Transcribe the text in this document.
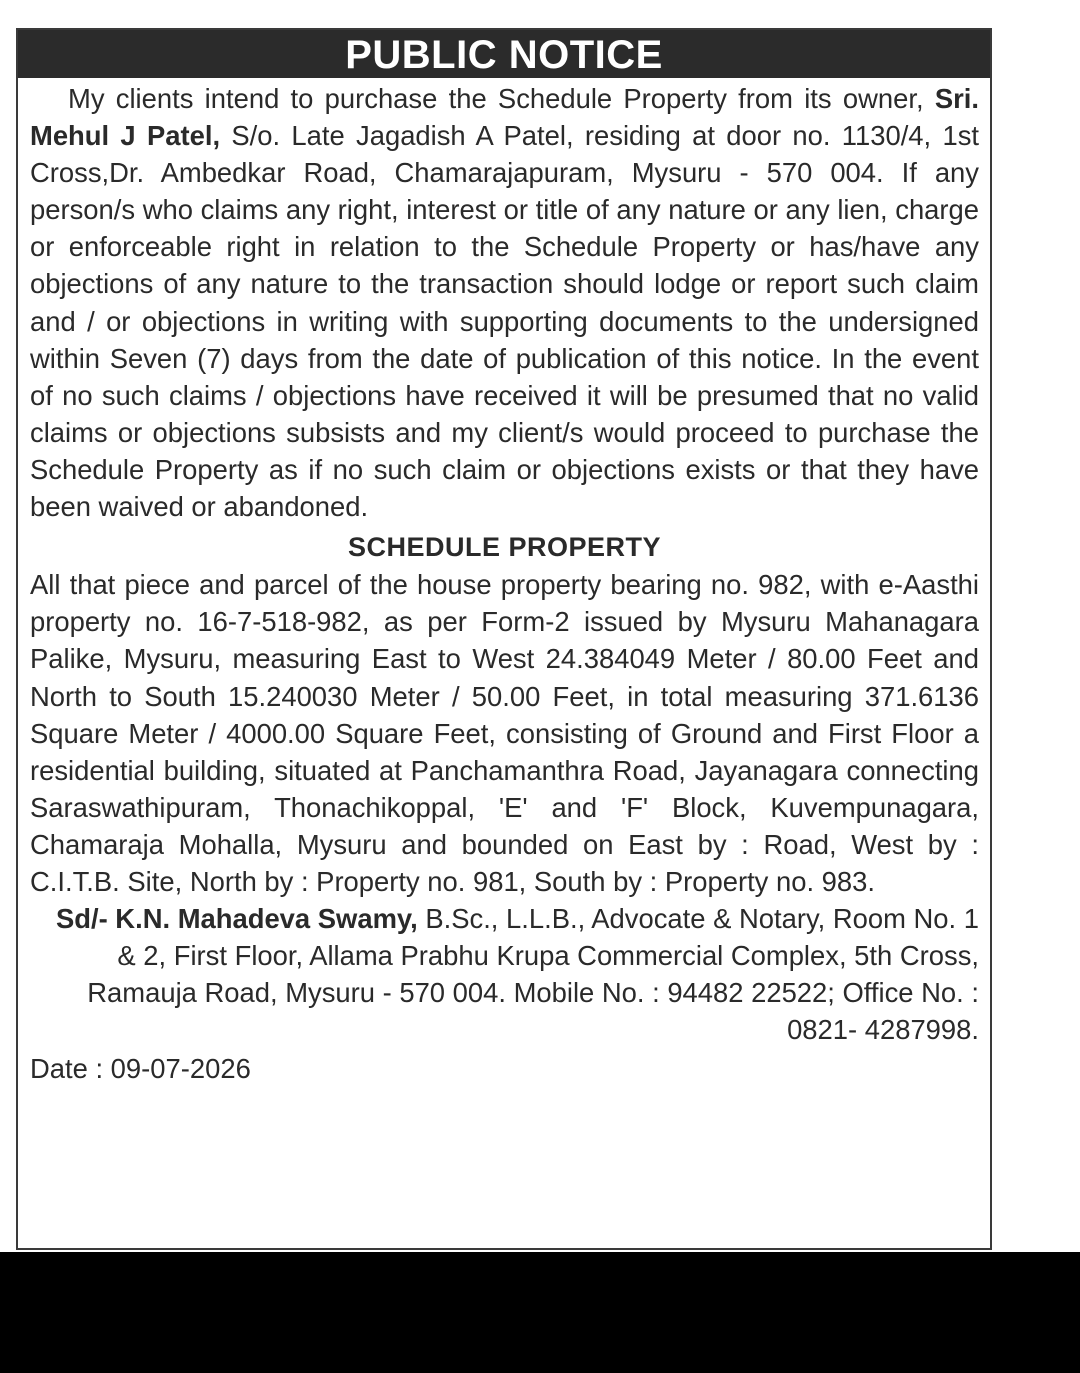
PUBLIC NOTICE

My clients intend to purchase the Schedule Property from its owner, Sri. Mehul J Patel, S/o. Late Jagadish A Patel, residing at door no. 1130/4, 1st Cross,Dr. Ambedkar Road, Chamarajapuram, Mysuru - 570 004. If any person/s who claims any right, interest or title of any nature or any lien, charge or enforceable right in relation to the Schedule Property or has/have any objections of any nature to the transaction should lodge or report such claim and / or objections in writing with supporting documents to the undersigned within Seven (7) days from the date of publication of this notice. In the event of no such claims / objections have received it will be presumed that no valid claims or objections subsists and my client/s would proceed to purchase the Schedule Property as if no such claim or objections exists or that they have been waived or abandoned.

SCHEDULE PROPERTY

All that piece and parcel of the house property bearing no. 982, with e-Aasthi property no. 16-7-518-982, as per Form-2 issued by Mysuru Mahanagara Palike, Mysuru, measuring East to West 24.384049 Meter / 80.00 Feet and North to South 15.240030 Meter / 50.00 Feet, in total measuring 371.6136 Square Meter / 4000.00 Square Feet, consisting of Ground and First Floor a residential building, situated at Panchamanthra Road, Jayanagara connecting Saraswathipuram, Thonachikoppal, 'E' and 'F' Block, Kuvempunagara, Chamaraja Mohalla, Mysuru and bounded on East by : Road, West by : C.I.T.B. Site, North by : Property no. 981, South by : Property no. 983.

Sd/- K.N. Mahadeva Swamy, B.Sc., L.L.B., Advocate & Notary, Room No. 1 & 2, First Floor, Allama Prabhu Krupa Commercial Complex, 5th Cross, Ramauja Road, Mysuru - 570 004. Mobile No. : 94482 22522; Office No. : 0821- 4287998.

Date : 09-07-2026
